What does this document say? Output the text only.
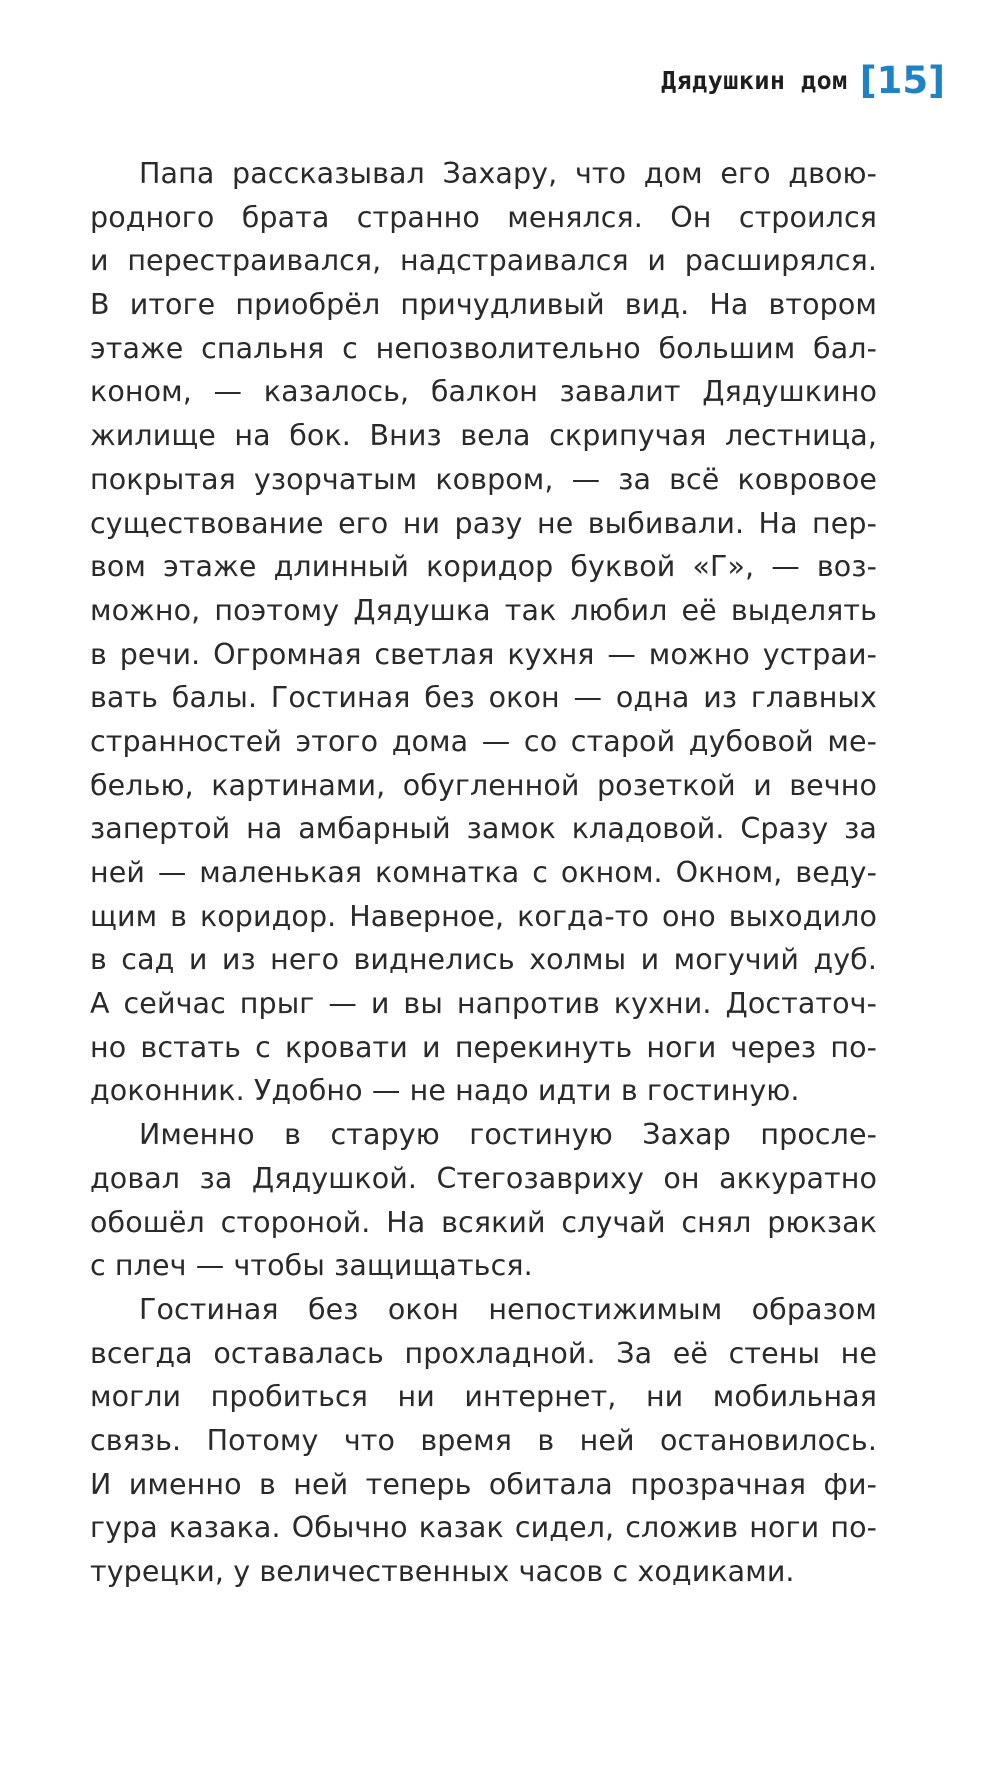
Дядушкин дом [15]
Папа рассказывал Захару, что дом его двою-
родного брата странно менялся. Он строился
и перестраивался, надстраивался и расширялся.
В итоге приобрёл причудливый вид. На втором
этаже спальня с непозволительно большим бал-
коном, — казалось, балкон завалит Дядушкино
жилище на бок. Вниз вела скрипучая лестница,
покрытая узорчатым ковром, — за всё ковровое
существование его ни разу не выбивали. На пер-
вом этаже длинный коридор буквой «Г», — воз-
можно, поэтому Дядушка так любил её выделять
в речи. Огромная светлая кухня — можно устраи-
вать балы. Гостиная без окон — одна из главных
странностей этого дома — со старой дубовой ме-
белью, картинами, обугленной розеткой и вечно
запертой на амбарный замок кладовой. Сразу за
ней — маленькая комнатка с окном. Окном, веду-
щим в коридор. Наверное, когда-то оно выходило
в сад и из него виднелись холмы и могучий дуб.
А сейчас прыг — и вы напротив кухни. Достаточ-
но встать с кровати и перекинуть ноги через по-
доконник. Удобно — не надо идти в гостиную.
Именно в старую гостиную Захар просле-
довал за Дядушкой. Стегозавриху он аккуратно
обошёл стороной. На всякий случай снял рюкзак
с плеч — чтобы защищаться.
Гостиная без окон непостижимым образом
всегда оставалась прохладной. За её стены не
могли пробиться ни интернет, ни мобильная
связь. Потому что время в ней остановилось.
И именно в ней теперь обитала прозрачная фи-
гура казака. Обычно казак сидел, сложив ноги по-
турецки, у величественных часов с ходиками.
